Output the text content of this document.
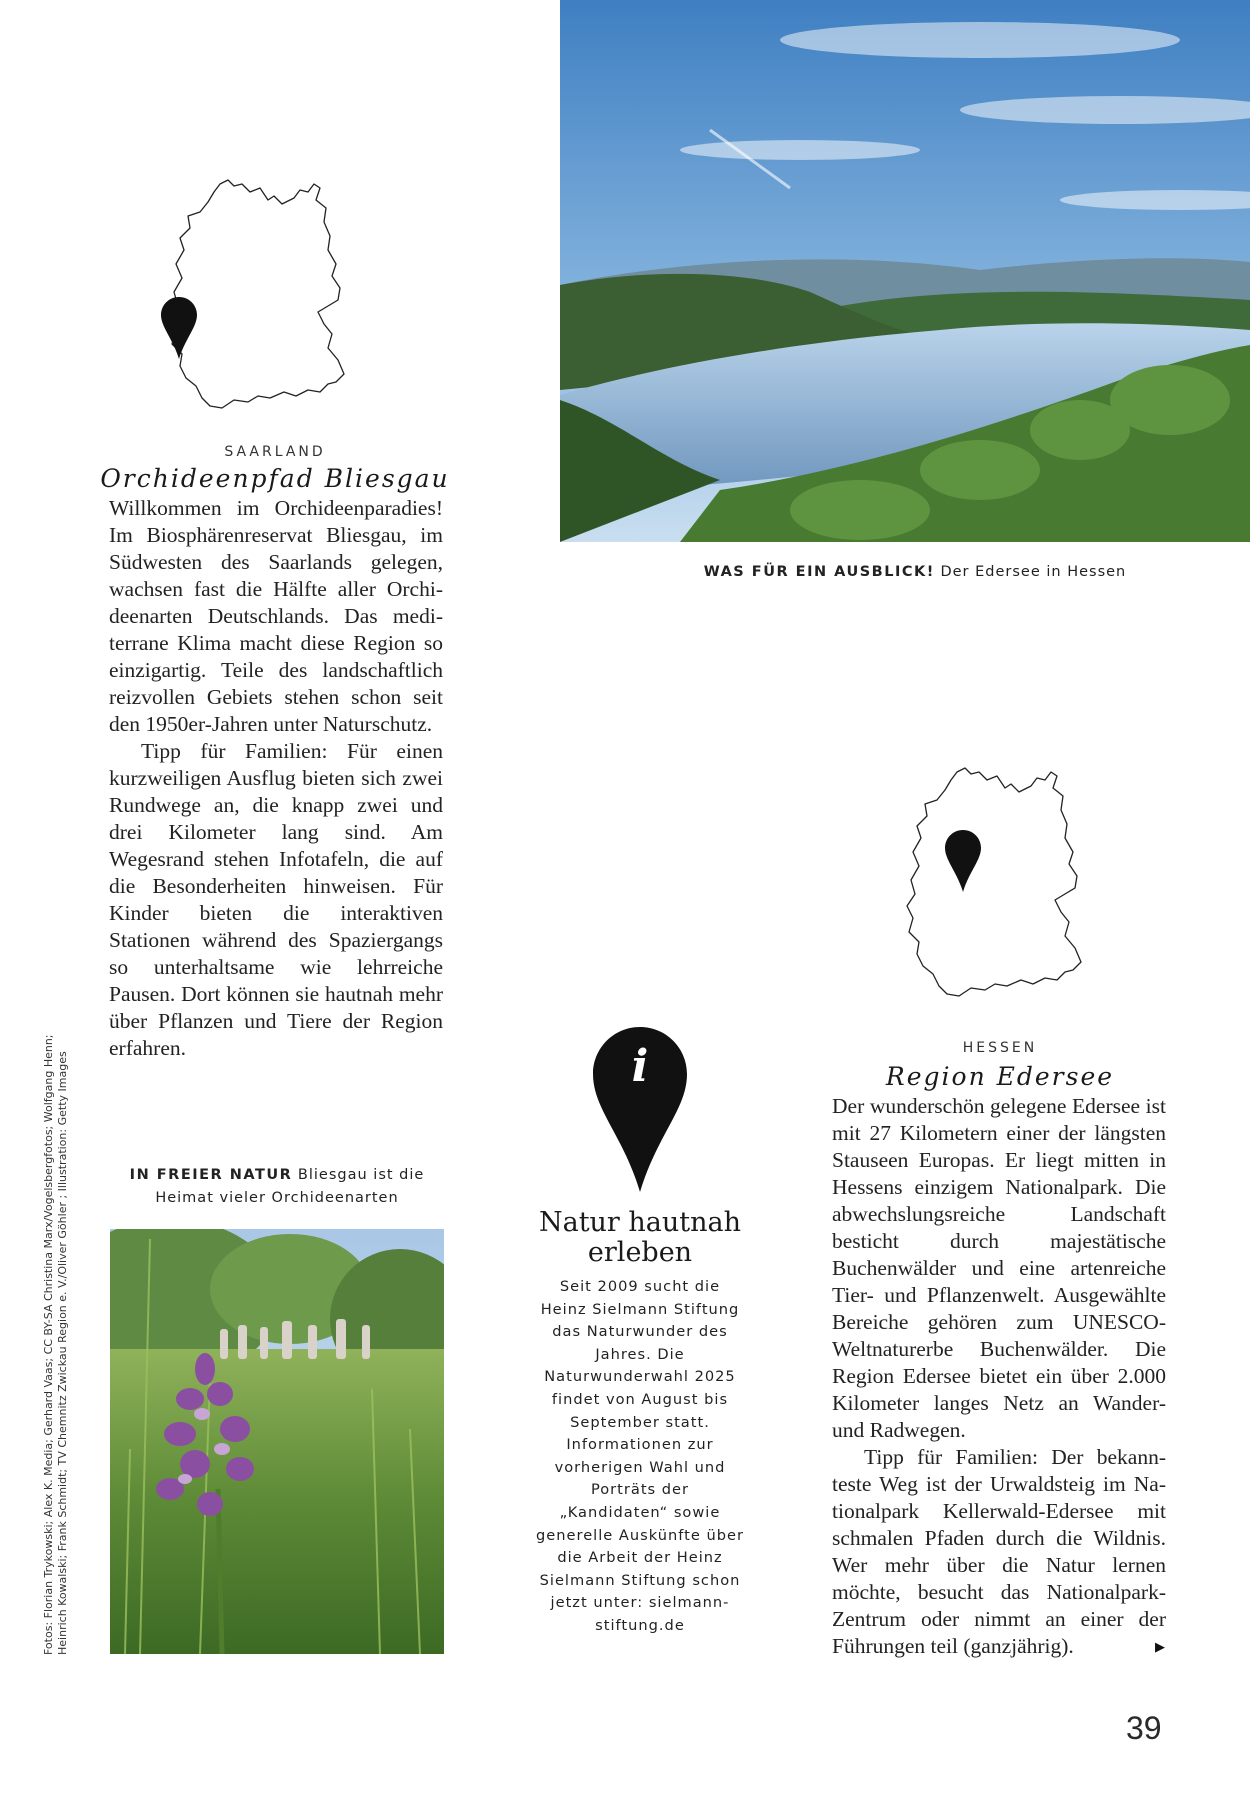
Fotos: Florian Trykowski; Alex K. Media; Gerhard Vaas; CC BY-SA Christina Marx/Vogelsbergfotos; Wolfgang Henn; Heinrich Kowalski; Frank Schmidt; TV Chemnitz Zwickau Region e. V./Oliver Göhler ; Illustration: Getty Images
SAARLAND
Orchideenpfad Bliesgau

Willkommen im Orchideenparadies! Im Biosphärenreservat Bliesgau, im Südwesten des Saarlands gelegen, wachsen fast die Hälfte aller Orchideenarten Deutschlands. Das mediterrane Klima macht diese Region so einzigartig. Teile des landschaftlich reizvollen Gebiets stehen schon seit den 1950er-Jahren unter Naturschutz.

Tipp für Familien: Für einen kurzweiligen Ausflug bieten sich zwei Rundwege an, die knapp zwei und drei Kilometer lang sind. Am Wegesrand stehen Infotafeln, die auf die Besonderheiten hinweisen. Für Kinder bieten die interaktiven Stationen während des Spaziergangs so unterhaltsame wie lehrreiche Pausen. Dort können sie hautnah mehr über Pflanzen und Tiere der Region erfahren.

IN FREIER NATUR Bliesgau ist die Heimat vieler Orchideenarten
WAS FÜR EIN AUSBLICK! Der Edersee in Hessen
HESSEN
Region Edersee

Der wunderschön gelegene Edersee ist mit 27 Kilometern einer der längsten Stauseen Europas. Er liegt mitten in Hessens einzigem Nationalpark. Die abwechslungsreiche Landschaft besticht durch majestätische Buchenwälder und eine artenreiche Tier- und Pflanzenwelt. Ausgewählte Bereiche gehören zum UNESCO-Weltnaturerbe Buchenwälder. Die Region Edersee bietet ein über 2.000 Kilometer langes Netz an Wander- und Radwegen.

Tipp für Familien: Der bekannteste Weg ist der Urwaldsteig im Nationalpark Kellerwald-Edersee mit schmalen Pfaden durch die Wildnis. Wer mehr über die Natur lernen möchte, besucht das Nationalpark-Zentrum oder nimmt an einer der Führungen teil (ganzjährig).	▶
i
Natur hautnah erleben
Seit 2009 sucht die Heinz Sielmann Stiftung das Naturwunder des Jahres. Die Naturwunderwahl 2025 findet von August bis September statt. Informationen zur vorherigen Wahl und Porträts der „Kandidaten“ sowie generelle Auskünfte über die Arbeit der Heinz Sielmann Stiftung schon jetzt unter: sielmann-stiftung.de
39
